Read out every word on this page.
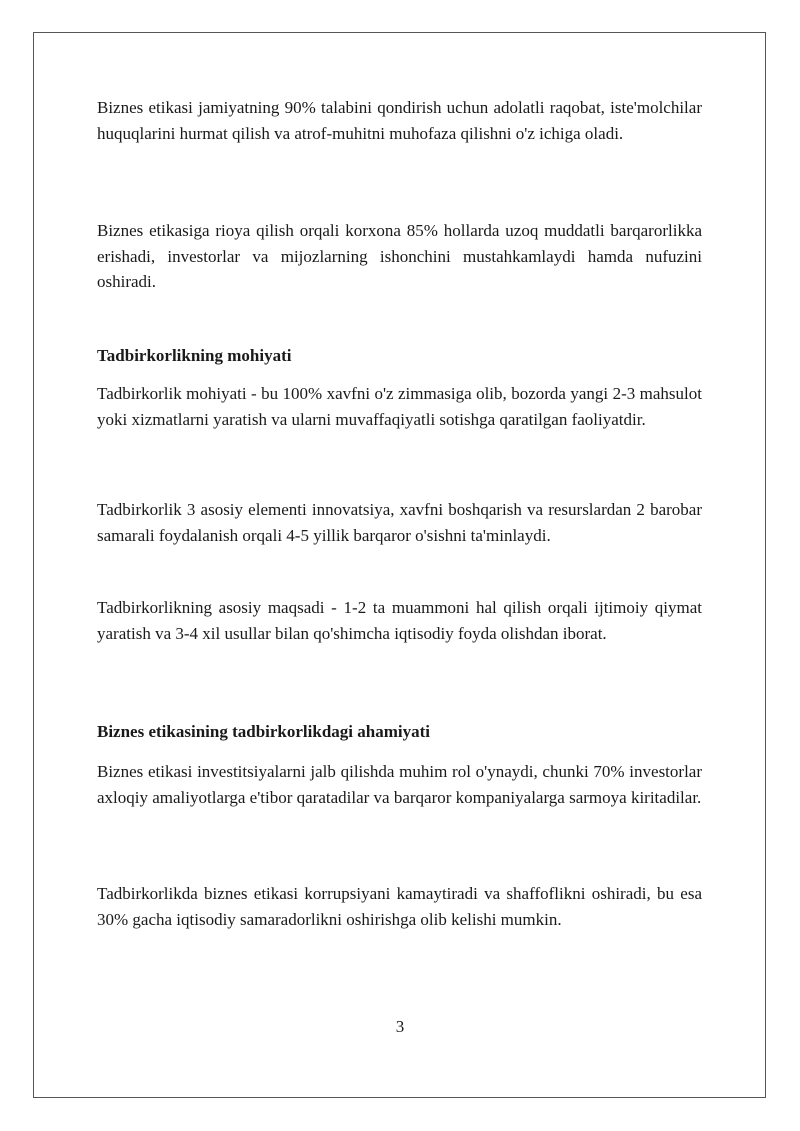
Biznes etikasi jamiyatning 90% talabini qondirish uchun adolatli raqobat, iste'molchilar huquqlarini hurmat qilish va atrof-muhitni muhofaza qilishni o'z ichiga oladi.

Biznes etikasiga rioya qilish orqali korxona 85% hollarda uzoq muddatli barqarorlikka erishadi, investorlar va mijozlarning ishonchini mustahkamlaydi hamda nufuzini oshiradi.

Tadbirkorlikning mohiyati

Tadbirkorlik mohiyati - bu 100% xavfni o'z zimmasiga olib, bozorda yangi 2-3 mahsulot yoki xizmatlarni yaratish va ularni muvaffaqiyatli sotishga qaratilgan faoliyatdir.

Tadbirkorlik 3 asosiy elementi innovatsiya, xavfni boshqarish va resurslardan 2 barobar samarali foydalanish orqali 4-5 yillik barqaror o'sishni ta'minlaydi.

Tadbirkorlikning asosiy maqsadi - 1-2 ta muammoni hal qilish orqali ijtimoiy qiymat yaratish va 3-4 xil usullar bilan qo'shimcha iqtisodiy foyda olishdan iborat.

Biznes etikasining tadbirkorlikdagi ahamiyati

Biznes etikasi investitsiyalarni jalb qilishda muhim rol o'ynaydi, chunki 70% investorlar axloqiy amaliyotlarga e'tibor qaratadilar va barqaror kompaniyalarga sarmoya kiritadilar.

Tadbirkorlikda biznes etikasi korrupsiyani kamaytiradi va shaffoflikni oshiradi, bu esa 30% gacha iqtisodiy samaradorlikni oshirishga olib kelishi mumkin.

3
